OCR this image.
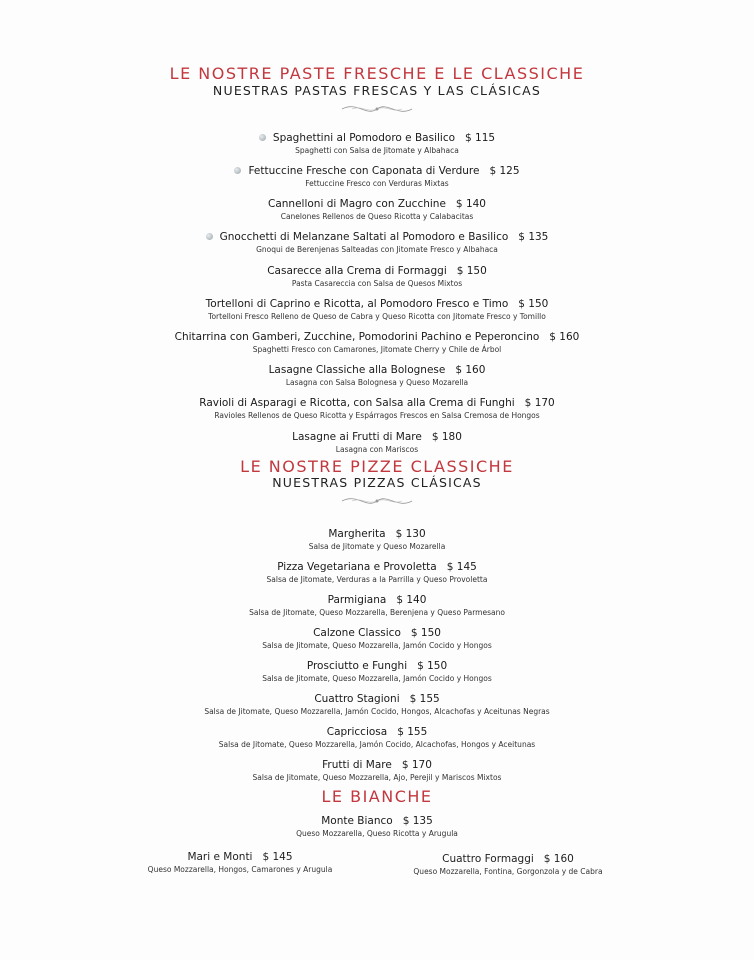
LE NOSTRE PASTE FRESCHE E LE CLASSICHE
NUESTRAS PASTAS FRESCAS Y LAS CLÁSICAS
Spaghettini al Pomodoro e Basilico $ 115
Spaghetti con Salsa de Jitomate y Albahaca
Fettuccine Fresche con Caponata di Verdure $ 125
Fettuccine Fresco con Verduras Mixtas
Cannelloni di Magro con Zucchine $ 140
Canelones Rellenos de Queso Ricotta y Calabacitas
Gnocchetti di Melanzane Saltati al Pomodoro e Basilico $ 135
Gnoqui de Berenjenas Salteadas con Jitomate Fresco y Albahaca
Casarecce alla Crema di Formaggi $ 150
Pasta Casareccia con Salsa de Quesos Mixtos
Tortelloni di Caprino e Ricotta, al Pomodoro Fresco e Timo $ 150
Tortelloni Fresco Relleno de Queso de Cabra y Queso Ricotta con Jitomate Fresco y Tomillo
Chitarrina con Gamberi, Zucchine, Pomodorini Pachino e Peperoncino $ 160
Spaghetti Fresco con Camarones, Jitomate Cherry y Chile de Árbol
Lasagne Classiche alla Bolognese $ 160
Lasagna con Salsa Bolognesa y Queso Mozarella
Ravioli di Asparagi e Ricotta, con Salsa alla Crema di Funghi $ 170
Ravioles Rellenos de Queso Ricotta y Espárragos Frescos en Salsa Cremosa de Hongos
Lasagne ai Frutti di Mare $ 180
Lasagna con Mariscos
LE NOSTRE PIZZE CLASSICHE
NUESTRAS PIZZAS CLÁSICAS
Margherita $ 130
Salsa de Jitomate y Queso Mozarella
Pizza Vegetariana e Provoletta $ 145
Salsa de Jitomate, Verduras a la Parrilla y Queso Provoletta
Parmigiana $ 140
Salsa de Jitomate, Queso Mozzarella, Berenjena y Queso Parmesano
Calzone Classico $ 150
Salsa de Jitomate, Queso Mozzarella, Jamón Cocido y Hongos
Prosciutto e Funghi $ 150
Salsa de Jitomate, Queso Mozzarella, Jamón Cocido y Hongos
Cuattro Stagioni $ 155
Salsa de Jitomate, Queso Mozzarella, Jamón Cocido, Hongos, Alcachofas y Aceitunas Negras
Capricciosa $ 155
Salsa de Jitomate, Queso Mozzarella, Jamón Cocido, Alcachofas, Hongos y Aceitunas
Frutti di Mare $ 170
Salsa de Jitomate, Queso Mozzarella, Ajo, Perejil y Mariscos Mixtos
LE BIANCHE
Monte Bianco $ 135
Queso Mozzarella, Queso Ricotta y Arugula
Mari e Monti $ 145
Queso Mozzarella, Hongos, Camarones y Arugula
Cuattro Formaggi $ 160
Queso Mozzarella, Fontina, Gorgonzola y de Cabra
